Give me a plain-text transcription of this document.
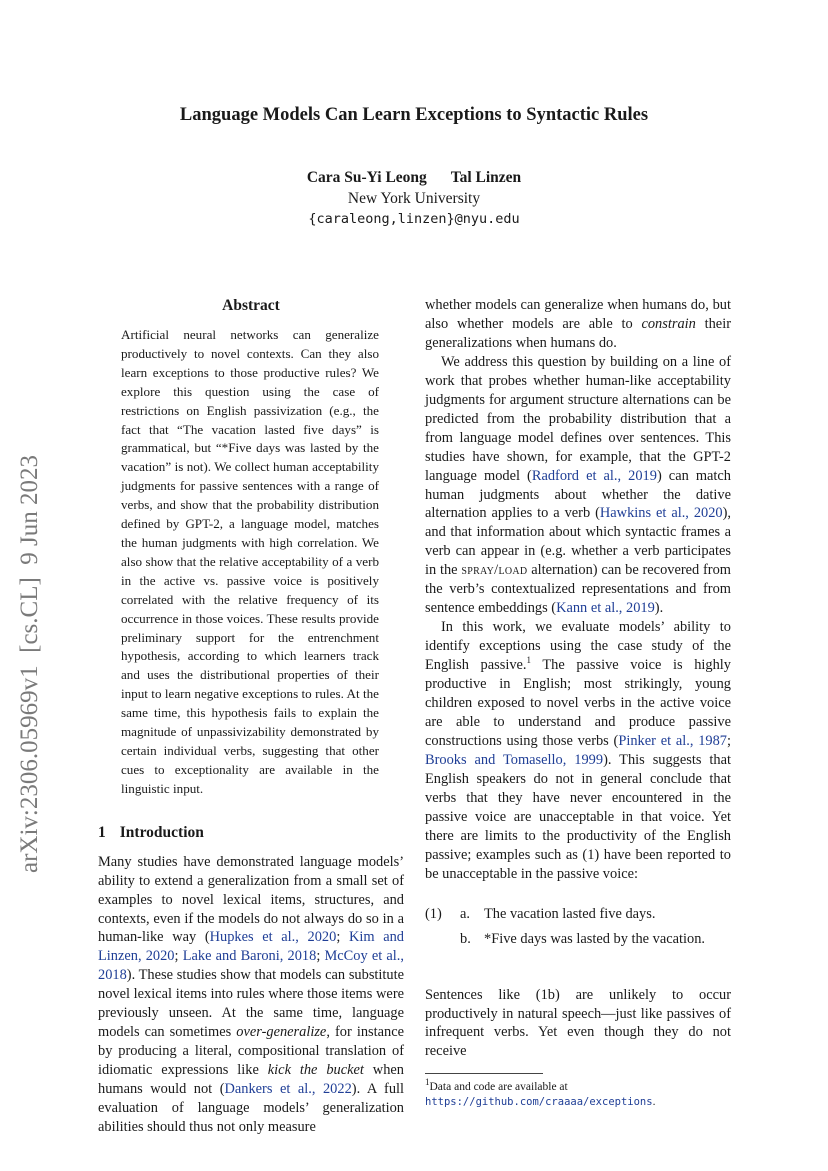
Language Models Can Learn Exceptions to Syntactic Rules
Cara Su-Yi Leong Tal Linzen
New York University
{caraleong,linzen}@nyu.edu
arXiv:2306.05969v1  [cs.CL]  9 Jun 2023
Abstract

Artificial neural networks can generalize productively to novel contexts. Can they also learn exceptions to those productive rules? We explore this question using the case of restrictions on English passivization (e.g., the fact that “The vacation lasted five days” is grammatical, but “*Five days was lasted by the vacation” is not). We collect human acceptability judgments for passive sentences with a range of verbs, and show that the probability distribution defined by GPT-2, a language model, matches the human judgments with high correlation. We also show that the relative acceptability of a verb in the active vs. passive voice is positively correlated with the relative frequency of its occurrence in those voices. These results provide preliminary support for the entrenchment hypothesis, according to which learners track and uses the distributional properties of their input to learn negative exceptions to rules. At the same time, this hypothesis fails to explain the magnitude of unpassivizability demonstrated by certain individual verbs, suggesting that other cues to exceptionality are available in the linguistic input.

1 Introduction

Many studies have demonstrated language models’ ability to extend a generalization from a small set of examples to novel lexical items, structures, and contexts, even if the models do not always do so in a human-like way (Hupkes et al., 2020; Kim and Linzen, 2020; Lake and Baroni, 2018; McCoy et al., 2018). These studies show that models can substitute novel lexical items into rules where those items were previously unseen. At the same time, language models can sometimes over-generalize, for instance by producing a literal, compositional translation of idiomatic expressions like kick the bucket when humans would not (Dankers et al., 2022). A full evaluation of language models’ generalization abilities should thus not only measure

whether models can generalize when humans do, but also whether models are able to constrain their generalizations when humans do.

We address this question by building on a line of work that probes whether human-like acceptability judgments for argument structure alternations can be predicted from the probability distribution that a from language model defines over sentences. This studies have shown, for example, that the GPT-2 language model (Radford et al., 2019) can match human judgments about whether the dative alternation applies to a verb (Hawkins et al., 2020), and that information about which syntactic frames a verb can appear in (e.g. whether a verb participates in the spray/load alternation) can be recovered from the verb’s contextualized representations and from sentence embeddings (Kann et al., 2019).

In this work, we evaluate models’ ability to identify exceptions using the case study of the English passive.$^1$ The passive voice is highly productive in English; most strikingly, young children exposed to novel verbs in the active voice are able to understand and produce passive constructions using those verbs (Pinker et al., 1987; Brooks and Tomasello, 1999). This suggests that English speakers do not in general conclude that verbs that they have never encountered in the passive voice are unacceptable in that voice. Yet there are limits to the productivity of the English passive; examples such as (1) have been reported to be unacceptable in the passive voice:

(1)	a. The vacation lasted five days.
b. *Five days was lasted by the vacation.

Sentences like (1b) are unlikely to occur productively in natural speech—just like passives of infrequent verbs. Yet even though they do not receive

$^1$Data and code are available at https://github.com/craaaa/exceptions.
